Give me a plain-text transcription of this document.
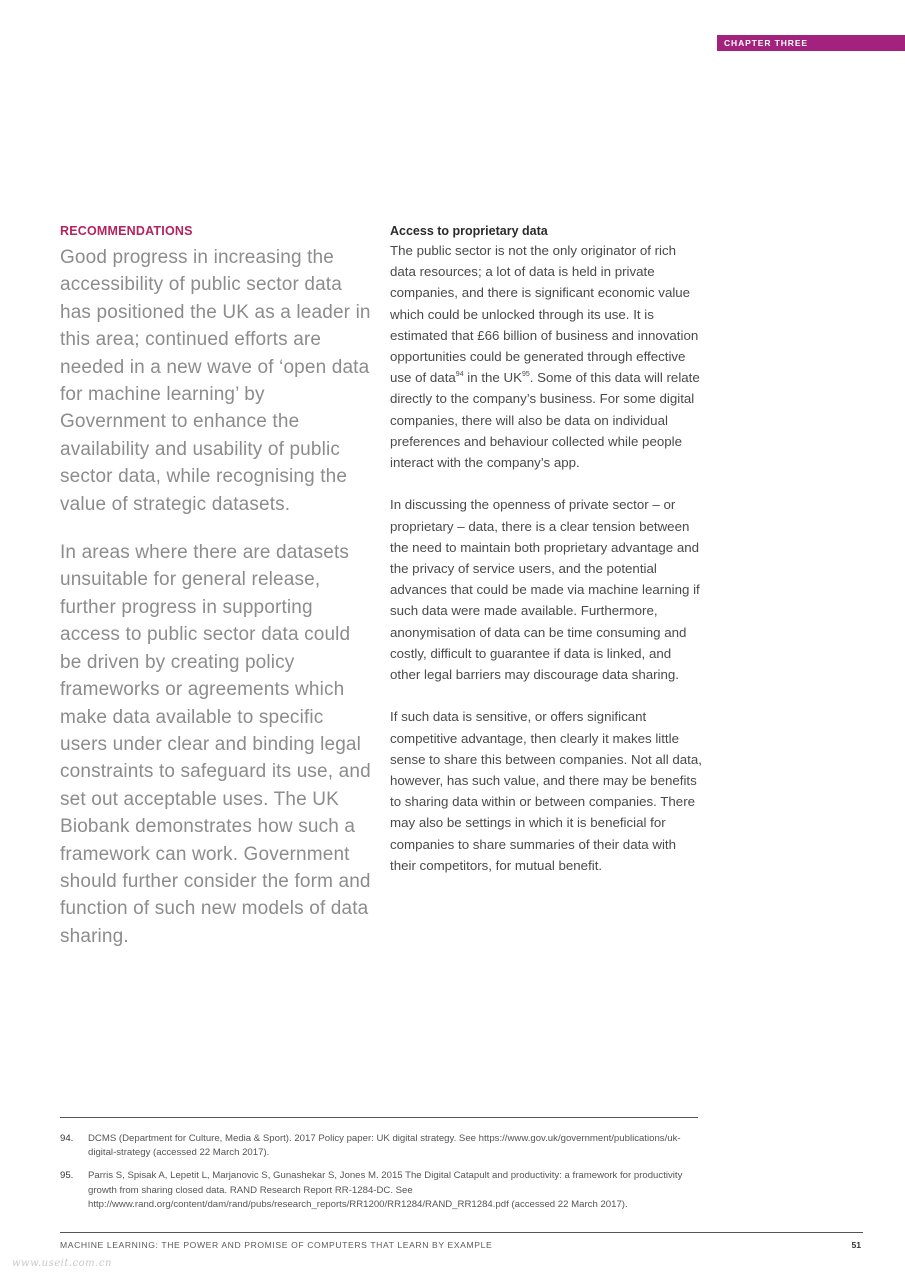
CHAPTER THREE

RECOMMENDATIONS

Good progress in increasing the accessibility of public sector data has positioned the UK as a leader in this area; continued efforts are needed in a new wave of ‘open data for machine learning’ by Government to enhance the availability and usability of public sector data, while recognising the value of strategic datasets.

In areas where there are datasets unsuitable for general release, further progress in supporting access to public sector data could be driven by creating policy frameworks or agreements which make data available to specific users under clear and binding legal constraints to safeguard its use, and set out acceptable uses. The UK Biobank demonstrates how such a framework can work. Government should further consider the form and function of such new models of data sharing.

Access to proprietary data

The public sector is not the only originator of rich data resources; a lot of data is held in private companies, and there is significant economic value which could be unlocked through its use. It is estimated that £66 billion of business and innovation opportunities could be generated through effective use of data$^{94}$ in the UK$^{95}$. Some of this data will relate directly to the company’s business. For some digital companies, there will also be data on individual preferences and behaviour collected while people interact with the company’s app.

In discussing the openness of private sector – or proprietary – data, there is a clear tension between the need to maintain both proprietary advantage and the privacy of service users, and the potential advances that could be made via machine learning if such data were made available. Furthermore, anonymisation of data can be time consuming and costly, difficult to guarantee if data is linked, and other legal barriers may discourage data sharing.

If such data is sensitive, or offers significant competitive advantage, then clearly it makes little sense to share this between companies. Not all data, however, has such value, and there may be benefits to sharing data within or between companies. There may also be settings in which it is beneficial for companies to share summaries of their data with their competitors, for mutual benefit.

94.	DCMS (Department for Culture, Media & Sport). 2017 Policy paper: UK digital strategy. See https://www.gov.uk/government/publications/uk-digital-strategy (accessed 22 March 2017).
95.	Parris S, Spisak A, Lepetit L, Marjanovic S, Gunashekar S, Jones M. 2015 The Digital Catapult and productivity: a framework for productivity growth from sharing closed data. RAND Research Report RR-1284-DC. See http://www.rand.org/content/dam/rand/pubs/research_reports/RR1200/RR1284/RAND_RR1284.pdf (accessed 22 March 2017).
MACHINE LEARNING: THE POWER AND PROMISE OF COMPUTERS THAT LEARN BY EXAMPLE	51
www.useit.com.cn
